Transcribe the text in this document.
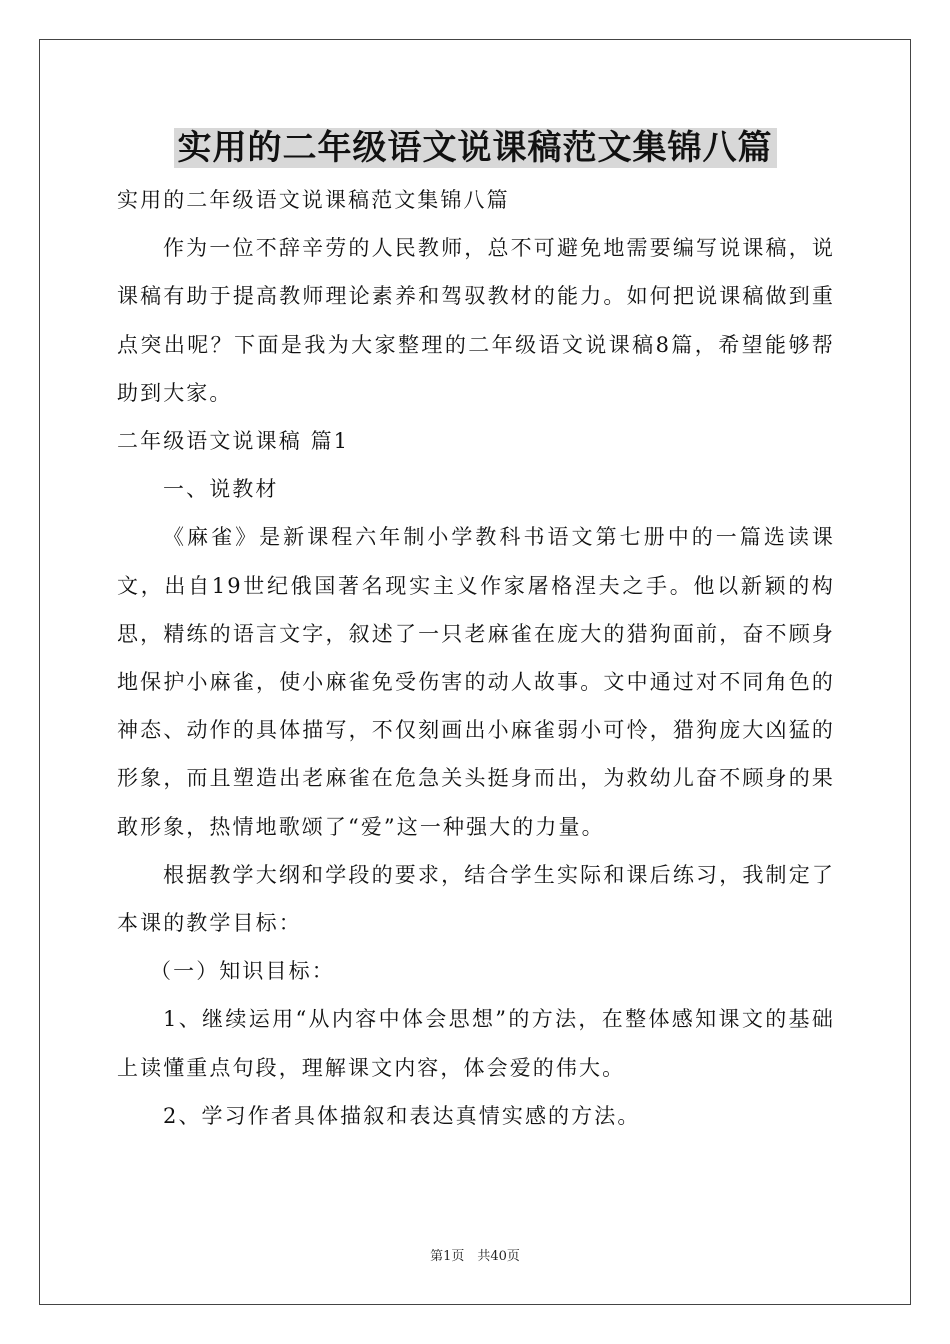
实用的二年级语文说课稿范文集锦八篇

实用的二年级语文说课稿范文集锦八篇

作为一位不辞辛劳的人民教师，总不可避免地需要编写说课稿，说课稿有助于提高教师理论素养和驾驭教材的能力。如何把说课稿做到重点突出呢？下面是我为大家整理的二年级语文说课稿8篇，希望能够帮助到大家。

二年级语文说课稿 篇1

一、说教材

《麻雀》是新课程六年制小学教科书语文第七册中的一篇选读课文，出自19世纪俄国著名现实主义作家屠格涅夫之手。他以新颖的构思，精练的语言文字，叙述了一只老麻雀在庞大的猎狗面前，奋不顾身地保护小麻雀，使小麻雀免受伤害的动人故事。文中通过对不同角色的神态、动作的具体描写，不仅刻画出小麻雀弱小可怜，猎狗庞大凶猛的形象，而且塑造出老麻雀在危急关头挺身而出，为救幼儿奋不顾身的果敢形象，热情地歌颂了“爱”这一种强大的力量。

根据教学大纲和学段的要求，结合学生实际和课后练习，我制定了本课的教学目标：

（一）知识目标：

1、继续运用“从内容中体会思想”的方法，在整体感知课文的基础上读懂重点句段，理解课文内容，体会爱的伟大。

2、学习作者具体描叙和表达真情实感的方法。

第1页　共40页
